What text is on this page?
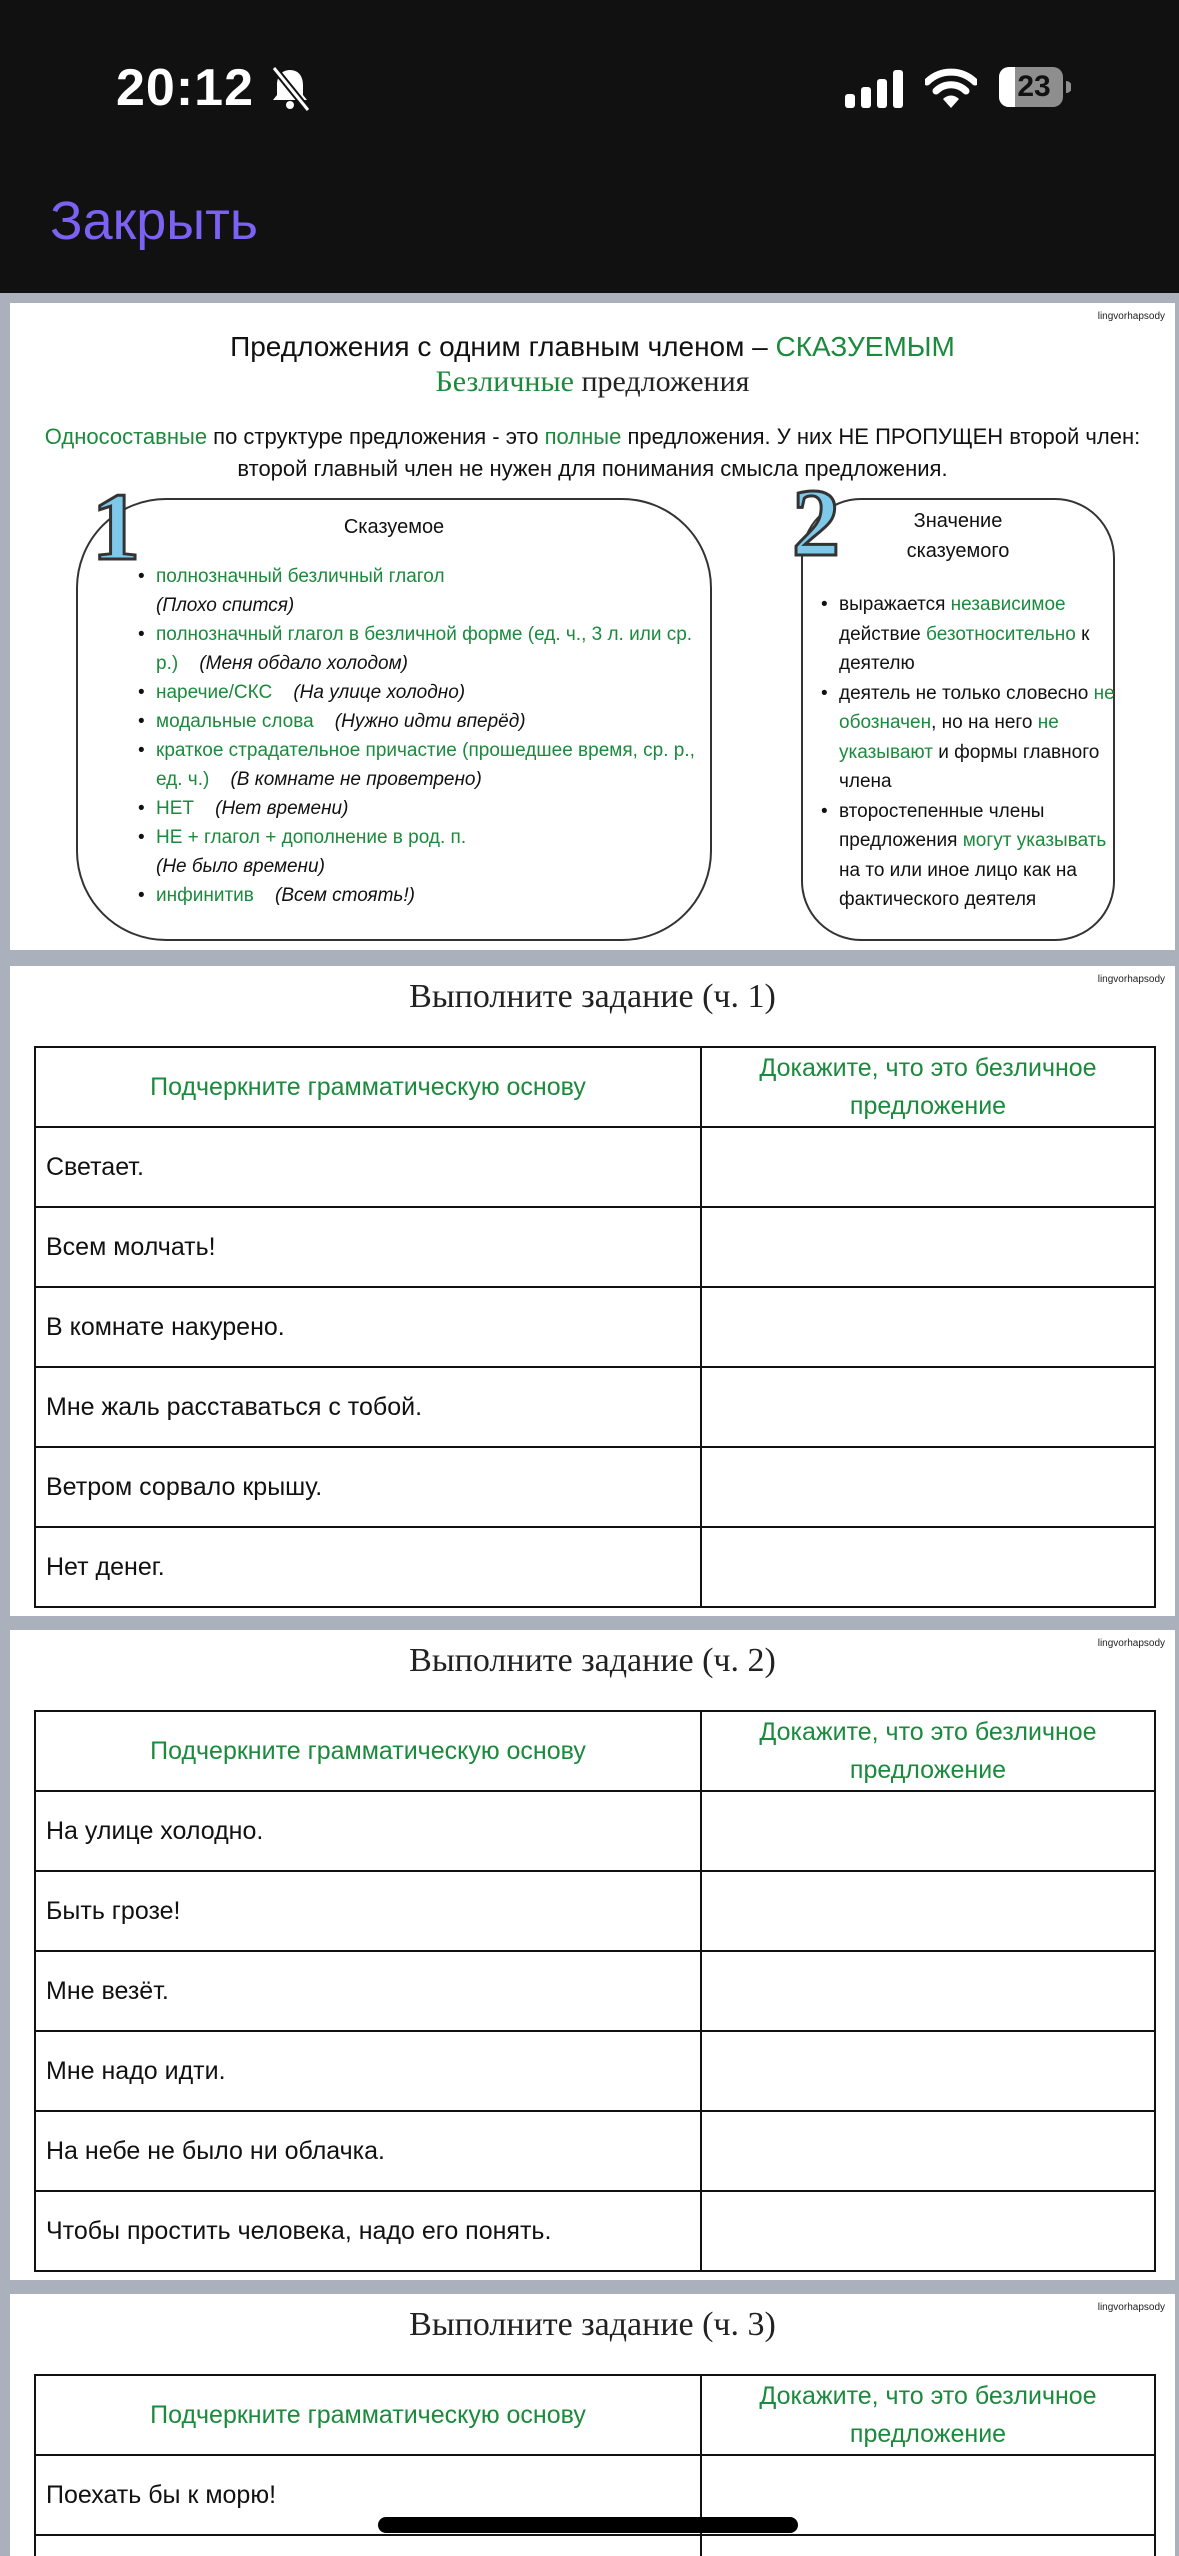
20:12	23
Закрыть
lingvorhapsody
Предложения с одним главным членом – СКАЗУЕМЫМ
Безличные предложения
Односоставные по структуре предложения - это полные предложения. У них НЕ ПРОПУЩЕН второй член: второй главный член не нужен для понимания смысла предложения.
Сказуемое
• полнозначный безличный глагол
(Плохо спится)
• полнозначный глагол в безличной форме (ед. ч., 3 л. или ср. р.) (Меня обдало холодом)
• наречие/СКС (На улице холодно)
• модальные слова (Нужно идти вперёд)
• краткое страдательное причастие (прошедшее время, ср. р., ед. ч.) (В комнате не проветрено)
• НЕТ (Нет времени)
• НЕ + глагол + дополнение в род. п.
(Не было времени)
• инфинитив (Всем стоять!)
1	Значение
сказуемого
• выражается независимое действие безотносительно к деятелю
• деятель не только словесно не обозначен, но на него не указывают и формы главного члена
• второстепенные члены предложения могут указывать на то или иное лицо как на фактического деятеля
2
lingvorhapsody
Выполните задание (ч. 1)
Подчеркните грамматическую основу	Докажите, что это безличное предложение
Светает.	
Всем молчать!	
В комнате накурено.	
Мне жаль расставаться с тобой.	
Ветром сорвало крышу.	
Нет денег.	
lingvorhapsody
Выполните задание (ч. 2)
Подчеркните грамматическую основу	Докажите, что это безличное предложение
На улице холодно.	
Быть грозе!	
Мне везёт.	
Мне надо идти.	
На небе не было ни облачка.	
Чтобы простить человека, надо его понять.	
lingvorhapsody
Выполните задание (ч. 3)
Подчеркните грамматическую основу	Докажите, что это безличное предложение
Поехать бы к морю!	
